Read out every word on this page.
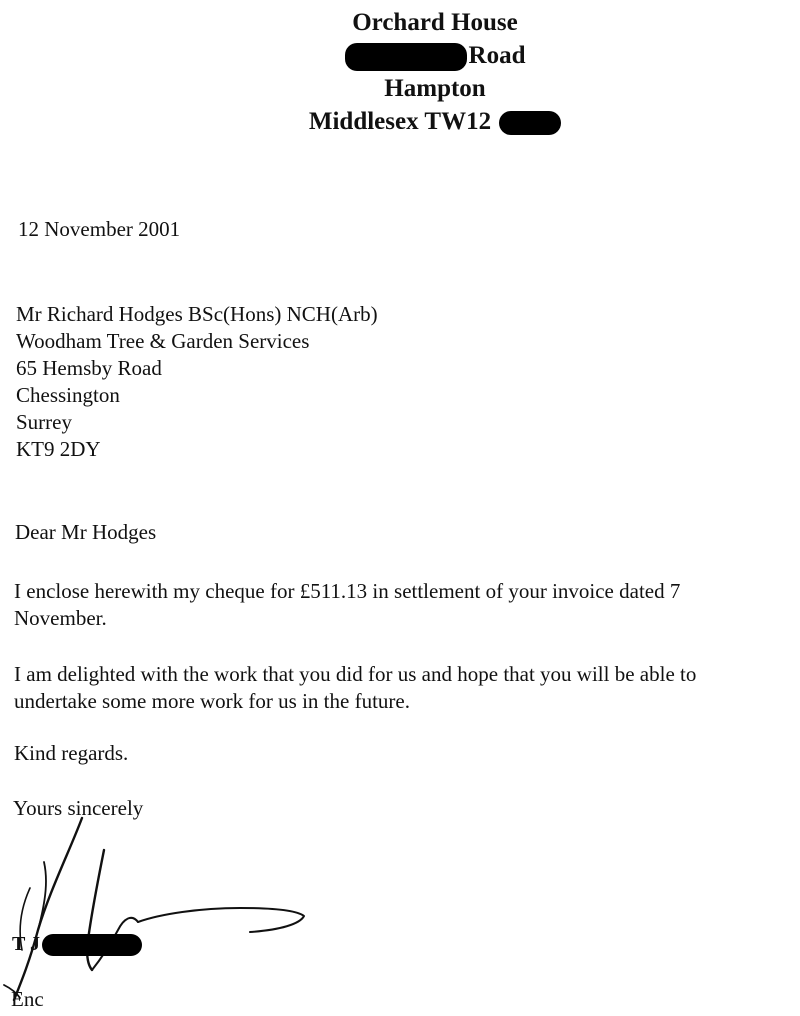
Orchard House
Road
Hampton
Middlesex TW12
12 November 2001
Mr Richard Hodges BSc(Hons) NCH(Arb)
Woodham Tree & Garden Services
65 Hemsby Road
Chessington
Surrey
KT9 2DY
Dear Mr Hodges
I enclose herewith my cheque for £511.13 in settlement of your invoice dated 7
November.
I am delighted with the work that you did for us and hope that you will be able to
undertake some more work for us in the future.
Kind regards.
Yours sincerely
T J
Enc
